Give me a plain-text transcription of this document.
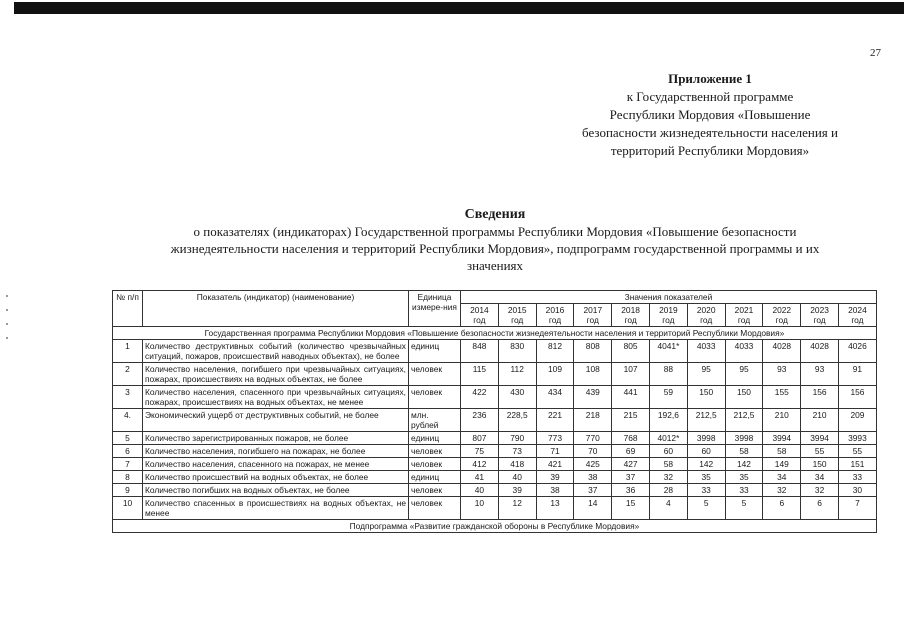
27
Приложение 1
к Государственной программе
Республики Мордовия «Повышение
безопасности жизнедеятельности населения и
территорий Республики Мордовия»
Сведения
о показателях (индикаторах) Государственной программы Республики Мордовия «Повышение безопасности
жизнедеятельности населения и территорий Республики Мордовия», подпрограмм государственной программы и их
значениях
№ п/п	Показатель (индикатор) (наименование)	Единица измере-ния	Значения показателей										
			2014 год	2015 год	2016 год	2017 год	2018 год	2019 год	2020 год	2021 год	2022 год	2023 год	2024 год
Государственная программа Республики Мордовия «Повышение безопасности жизнедеятельности населения и территорий Республики Мордовия»													
1	Количество деструктивных событий (количество чрезвычайных ситуаций, пожаров, происшествий наводных объектах), не более	единиц	848	830	812	808	805	4041*	4033	4033	4028	4028	4026
2	Количество населения, погибшего при чрезвычайных ситуациях, пожарах, происшествиях на водных объектах, не более	человек	115	112	109	108	107	88	95	95	93	93	91
3	Количество населения, спасенного при чрезвычайных ситуациях, пожарах, происшествиях на водных объектах, не менее	человек	422	430	434	439	441	59	150	150	155	156	156
4.	Экономический ущерб от деструктивных событий, не более	млн. рублей	236	228,5	221	218	215	192,6	212,5	212,5	210	210	209
5	Количество зарегистрированных пожаров, не более	единиц	807	790	773	770	768	4012*	3998	3998	3994	3994	3993
6	Количество населения, погибшего на пожарах, не более	человек	75	73	71	70	69	60	60	58	58	55	55
7	Количество населения, спасенного на пожарах, не менее	человек	412	418	421	425	427	58	142	142	149	150	151
8	Количество происшествий на водных объектах, не более	единиц	41	40	39	38	37	32	35	35	34	34	33
9	Количество погибших на водных объектах, не более	человек	40	39	38	37	36	28	33	33	32	32	30
10	Количество спасенных в происшествиях на водных объектах, не менее	человек	10	12	13	14	15	4	5	5	6	6	7
Подпрограмма «Развитие гражданской обороны в Республике Мордовия»													
